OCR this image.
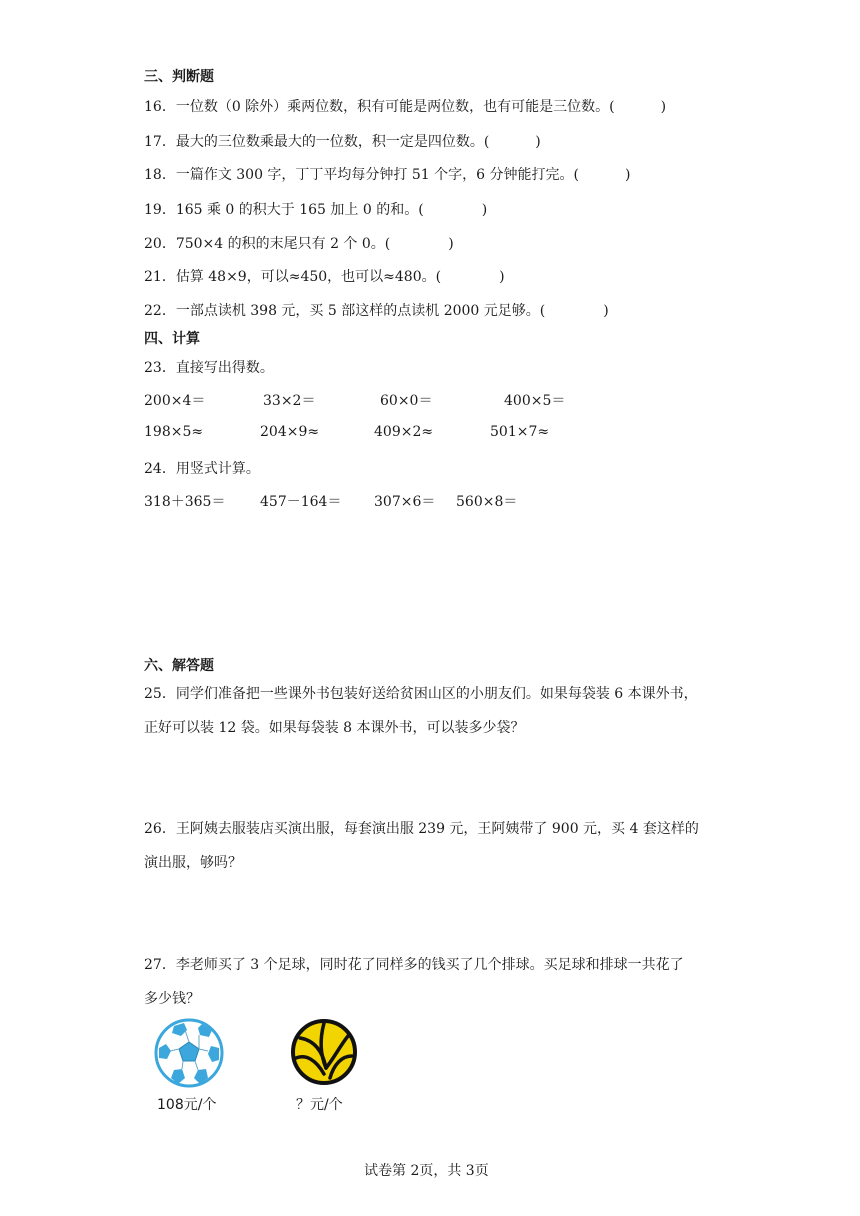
三、判断题
16．一位数（0 除外）乘两位数，积有可能是两位数，也有可能是三位数。(	)
17．最大的三位数乘最大的一位数，积一定是四位数。(	)
18．一篇作文 300 字，丁丁平均每分钟打 51 个字，6 分钟能打完。(	)
19．165 乘 0 的积大于 165 加上 0 的和。(	)
20．750×4 的积的末尾只有 2 个 0。(	)
21．估算 48×9，可以≈450，也可以≈480。(	)
22．一部点读机 398 元，买 5 部这样的点读机 2000 元足够。(	)
四、计算
23．直接写出得数。
200×4＝	33×2＝	60×0＝	400×5＝
198×5≈	204×9≈	409×2≈	501×7≈
24．用竖式计算。
318＋365＝ 457－164＝ 307×6＝ 560×8＝
六、解答题
25．同学们准备把一些课外书包装好送给贫困山区的小朋友们。如果每袋装 6 本课外书，
正好可以装 12 袋。如果每袋装 8 本课外书，可以装多少袋？
26．王阿姨去服装店买演出服，每套演出服 239 元，王阿姨带了 900 元，买 4 套这样的
演出服，够吗？
27．李老师买了 3 个足球，同时花了同样多的钱买了几个排球。买足球和排球一共花了
多少钱？
108元/个	？元/个
试卷第 2页，共 3页
